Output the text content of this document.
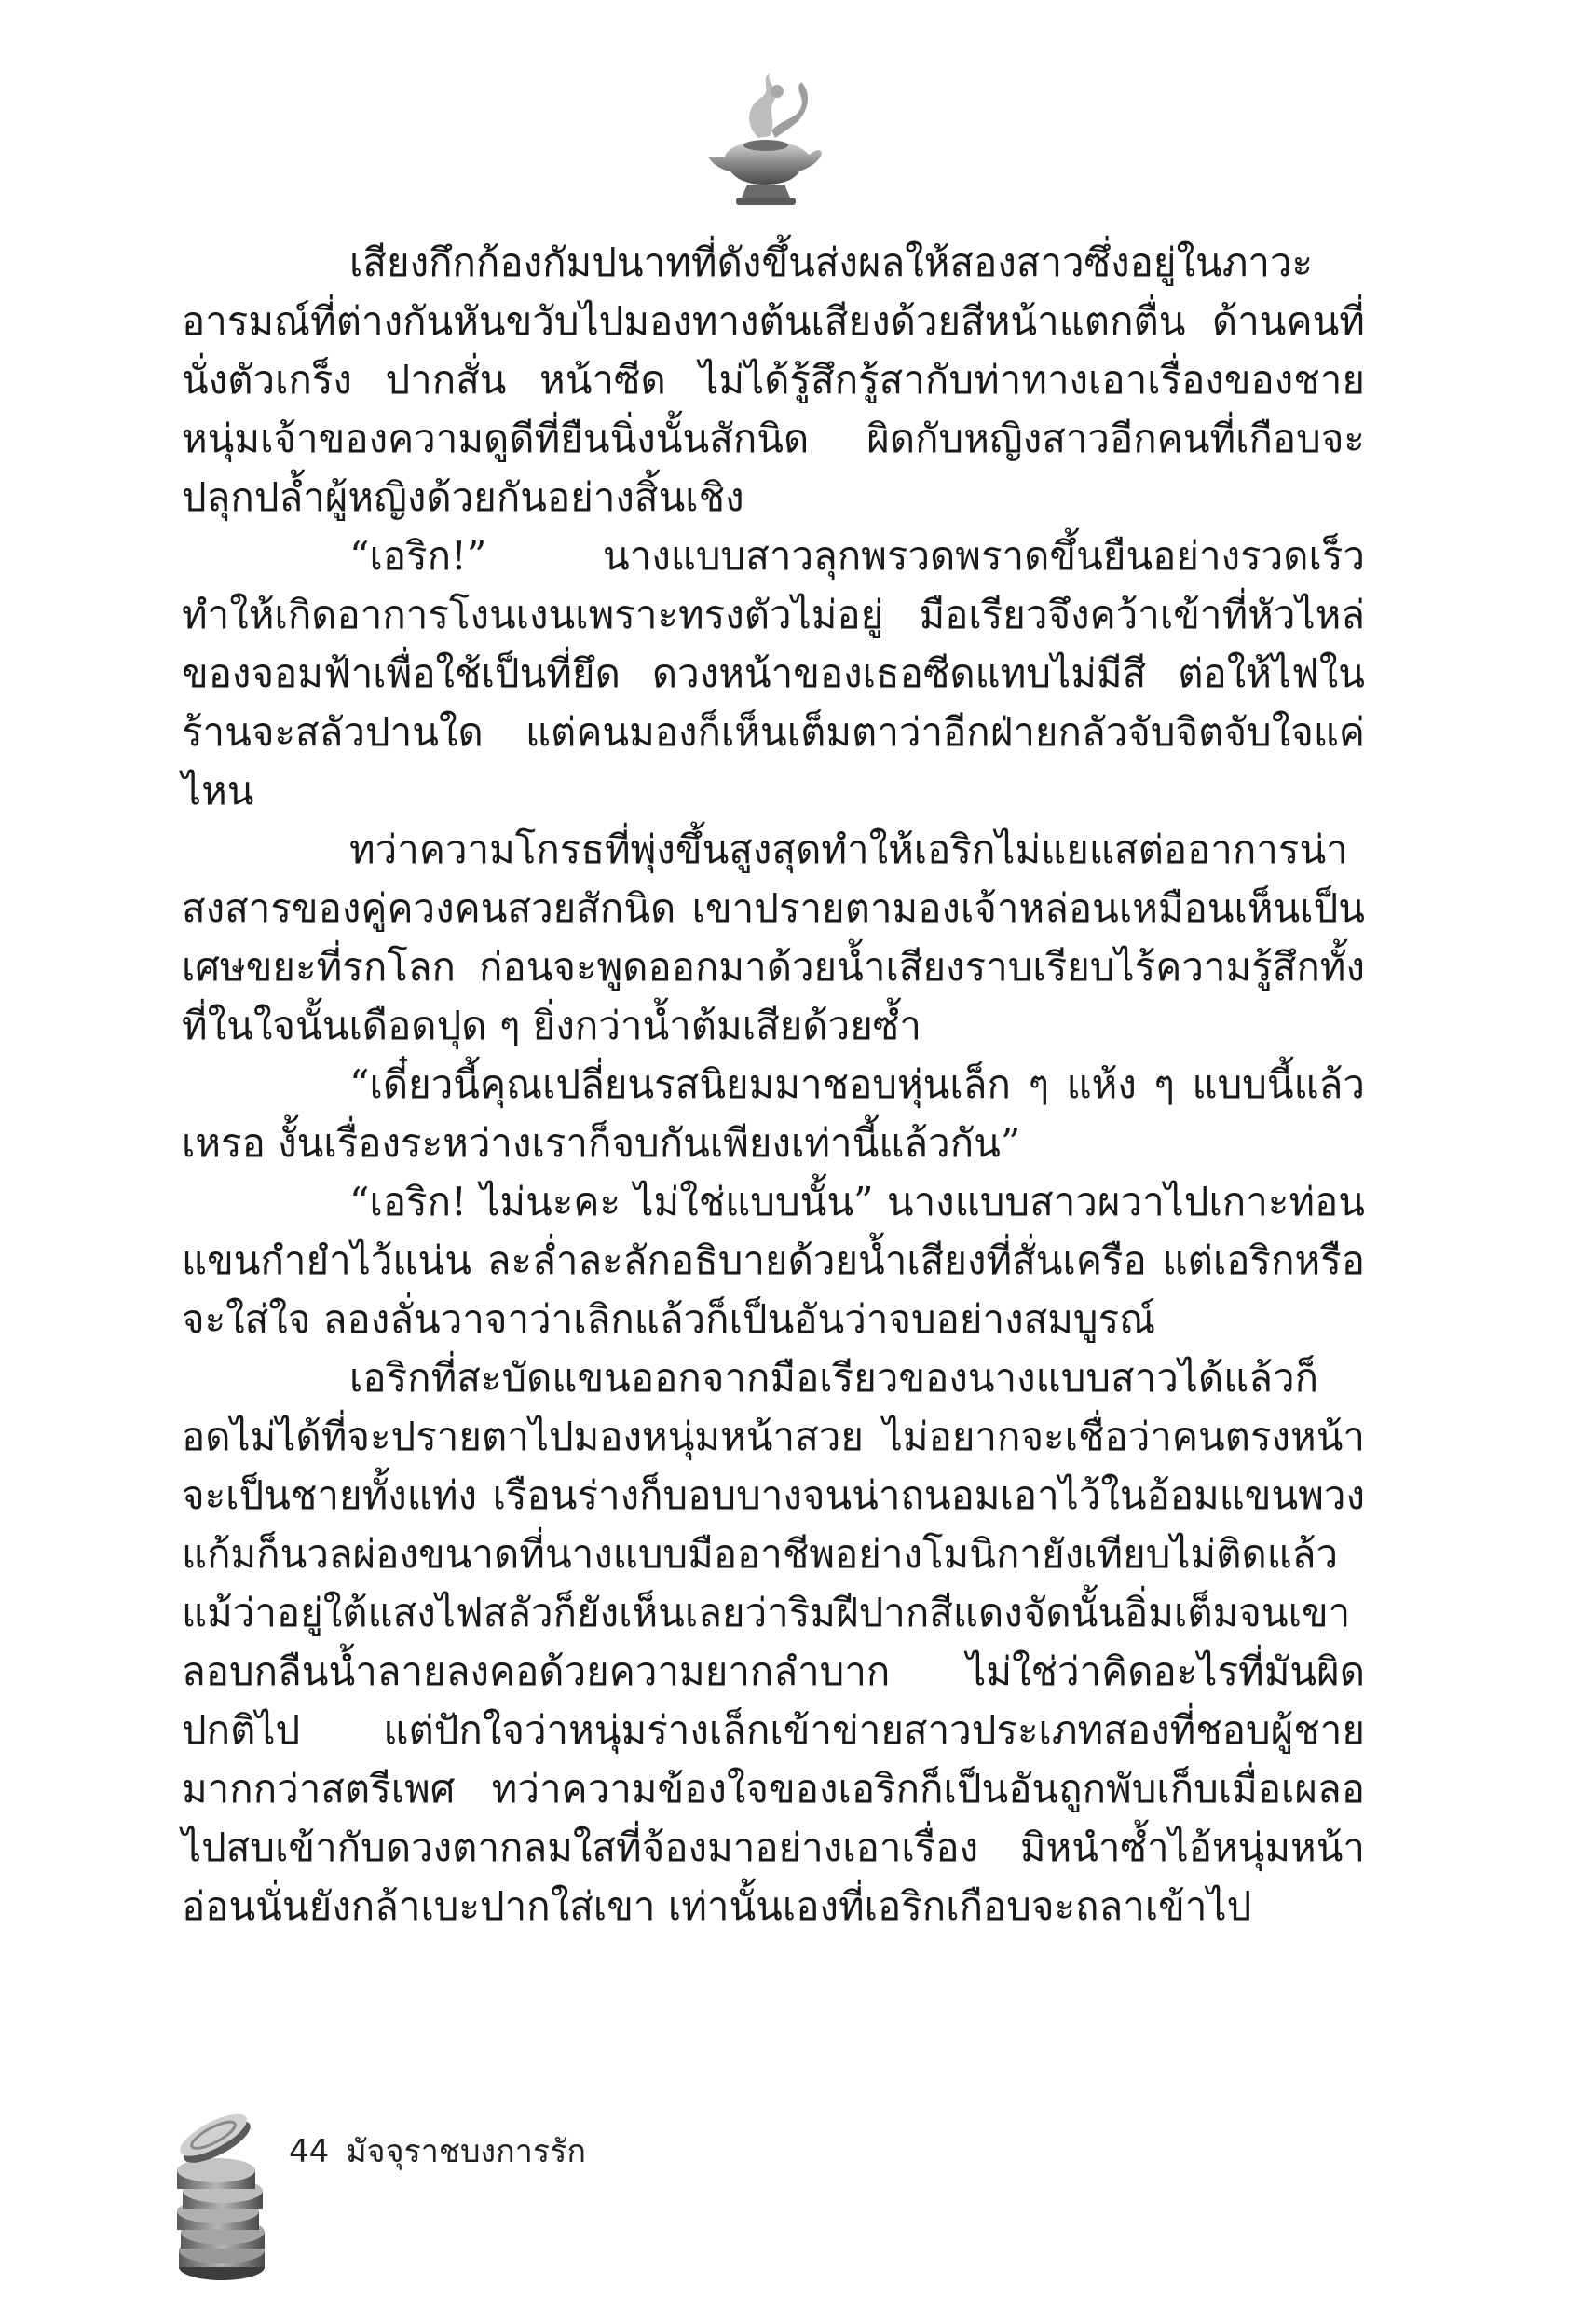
เสียงกึกก้องกัมปนาทที่ดังขึ้นส่งผลให้สองสาวซึ่งอยู่ในภาวะอารมณ์ที่ต่างกันหันขวับไปมองทางต้นเสียงด้วยสีหน้าแตกตื่น ด้านคนที่นั่งตัวเกร็ง ปากสั่น หน้าซีด ไม่ได้รู้สึกรู้สากับท่าทางเอาเรื่องของชายหนุ่มเจ้าของความดูดีที่ยืนนิ่งนั้นสักนิด ผิดกับหญิงสาวอีกคนที่เกือบจะปลุกปล้ำผู้หญิงด้วยกันอย่างสิ้นเชิง

“เอริก!” นางแบบสาวลุกพรวดพราดขึ้นยืนอย่างรวดเร็ว ทำให้เกิดอาการโงนเงนเพราะทรงตัวไม่อยู่ มือเรียวจึงคว้าเข้าที่หัวไหล่ของจอมฟ้าเพื่อใช้เป็นที่ยึด ดวงหน้าของเธอซีดแทบไม่มีสี ต่อให้ไฟในร้านจะสลัวปานใด แต่คนมองก็เห็นเต็มตาว่าอีกฝ่ายกลัวจับจิตจับใจแค่ไหน

ทว่าความโกรธที่พุ่งขึ้นสูงสุดทำให้เอริกไม่แยแสต่ออาการน่าสงสารของคู่ควงคนสวยสักนิด เขาปรายตามองเจ้าหล่อนเหมือนเห็นเป็นเศษขยะที่รกโลก ก่อนจะพูดออกมาด้วยน้ำเสียงราบเรียบไร้ความรู้สึกทั้งที่ในใจนั้นเดือดปุด ๆ ยิ่งกว่าน้ำต้มเสียด้วยซ้ำ

“เดี๋ยวนี้คุณเปลี่ยนรสนิยมมาชอบหุ่นเล็ก ๆ แห้ง ๆ แบบนี้แล้วเหรอ งั้นเรื่องระหว่างเราก็จบกันเพียงเท่านี้แล้วกัน”

“เอริก! ไม่นะคะ ไม่ใช่แบบนั้น” นางแบบสาวผวาไปเกาะท่อนแขนกำยำไว้แน่น ละล่ำละลักอธิบายด้วยน้ำเสียงที่สั่นเครือ แต่เอริกหรือจะใส่ใจ ลองลั่นวาจาว่าเลิกแล้วก็เป็นอันว่าจบอย่างสมบูรณ์

เอริกที่สะบัดแขนออกจากมือเรียวของนางแบบสาวได้แล้วก็อดไม่ได้ที่จะปรายตาไปมองหนุ่มหน้าสวย ไม่อยากจะเชื่อว่าคนตรงหน้าจะเป็นชายทั้งแท่ง เรือนร่างก็บอบบางจนน่าถนอมเอาไว้ในอ้อมแขนพวงแก้มก็นวลผ่องขนาดที่นางแบบมืออาชีพอย่างโมนิกายังเทียบไม่ติดแล้วแม้ว่าอยู่ใต้แสงไฟสลัวก็ยังเห็นเลยว่าริมฝีปากสีแดงจัดนั้นอิ่มเต็มจนเขาลอบกลืนน้ำลายลงคอด้วยความยากลำบาก ไม่ใช่ว่าคิดอะไรที่มันผิดปกติไป แต่ปักใจว่าหนุ่มร่างเล็กเข้าข่ายสาวประเภทสองที่ชอบผู้ชายมากกว่าสตรีเพศ ทว่าความข้องใจของเอริกก็เป็นอันถูกพับเก็บเมื่อเผลอไปสบเข้ากับดวงตากลมใสที่จ้องมาอย่างเอาเรื่อง มิหนำซ้ำไอ้หนุ่มหน้าอ่อนนั่นยังกล้าเบะปากใส่เขา เท่านั้นเองที่เอริกเกือบจะถลาเข้าไป

44 มัจจุราชบงการรัก
